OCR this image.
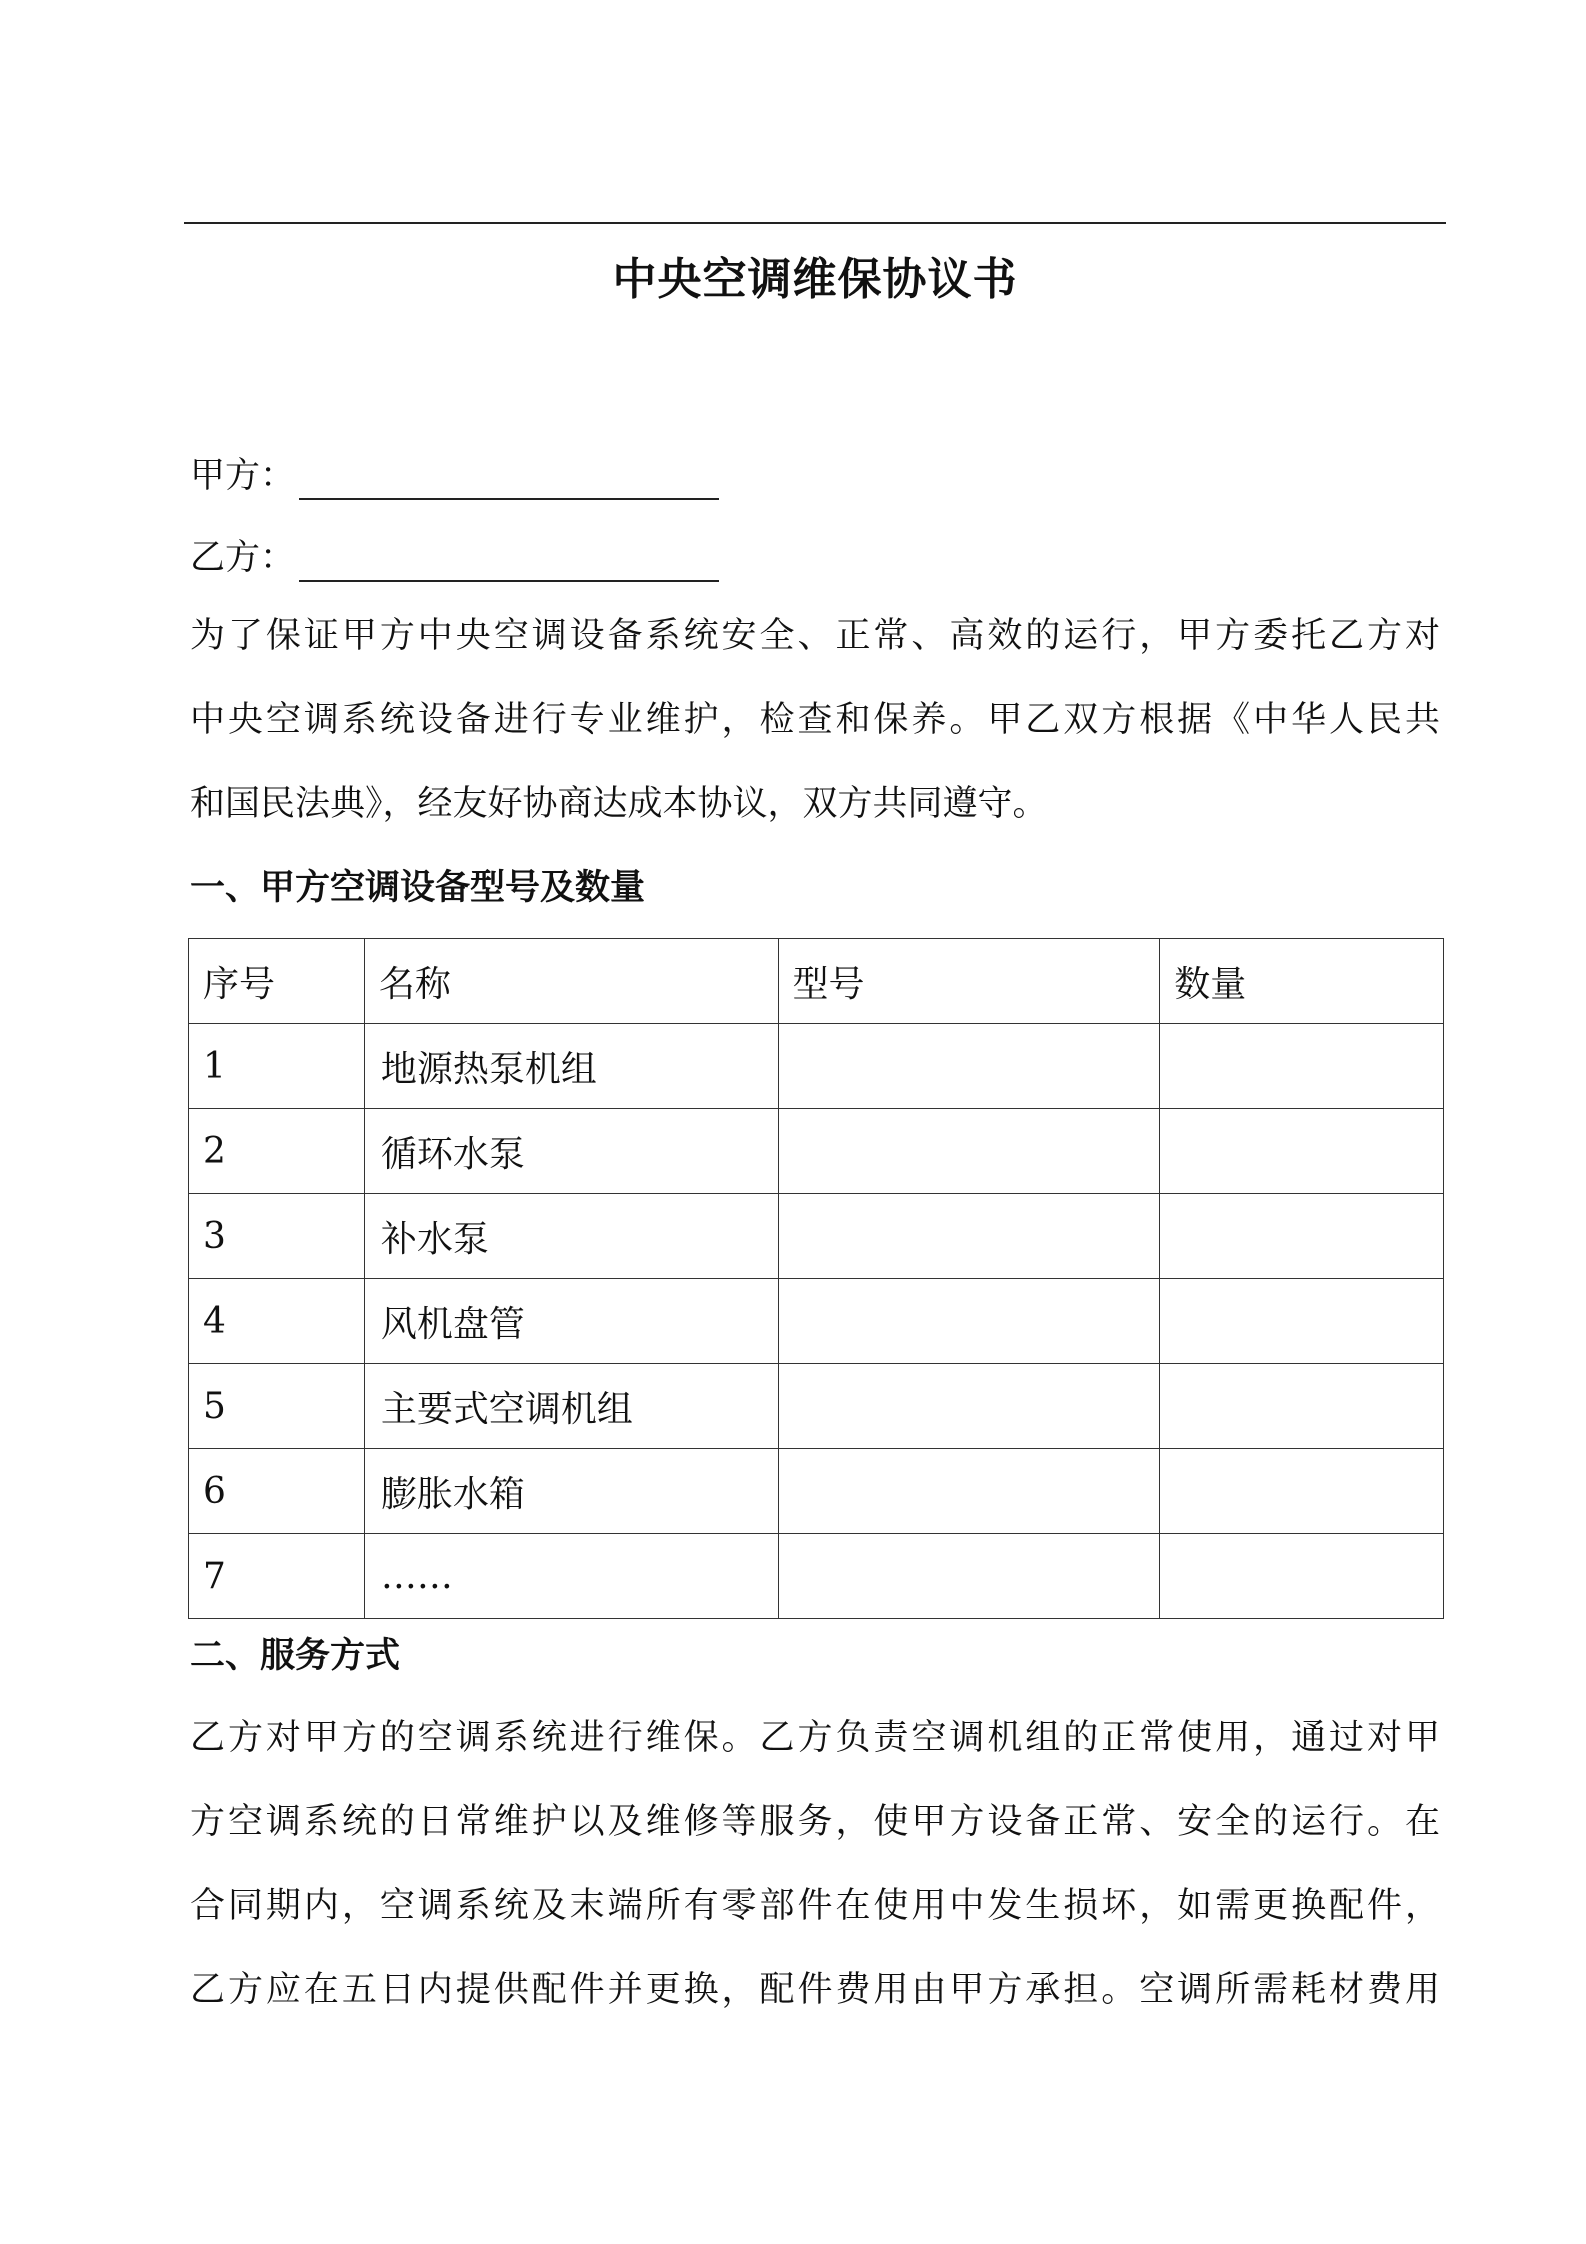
中央空调维保协议书
甲方：
乙方：
为了保证甲方中央空调设备系统安全、正常、高效的运行，甲方委托乙方对
中央空调系统设备进行专业维护，检查和保养。甲乙双方根据《中华人民共
和国民法典》，经友好协商达成本协议，双方共同遵守。
一、甲方空调设备型号及数量
序号	名称	型号	数量
1	地源热泵机组		
2	循环水泵		
3	补水泵		
4	风机盘管		
5	主要式空调机组		
6	膨胀水箱		
7	……		
二、服务方式
乙方对甲方的空调系统进行维保。乙方负责空调机组的正常使用，通过对甲
方空调系统的日常维护以及维修等服务，使甲方设备正常、安全的运行。在
合同期内，空调系统及末端所有零部件在使用中发生损坏，如需更换配件，
乙方应在五日内提供配件并更换，配件费用由甲方承担。空调所需耗材费用
